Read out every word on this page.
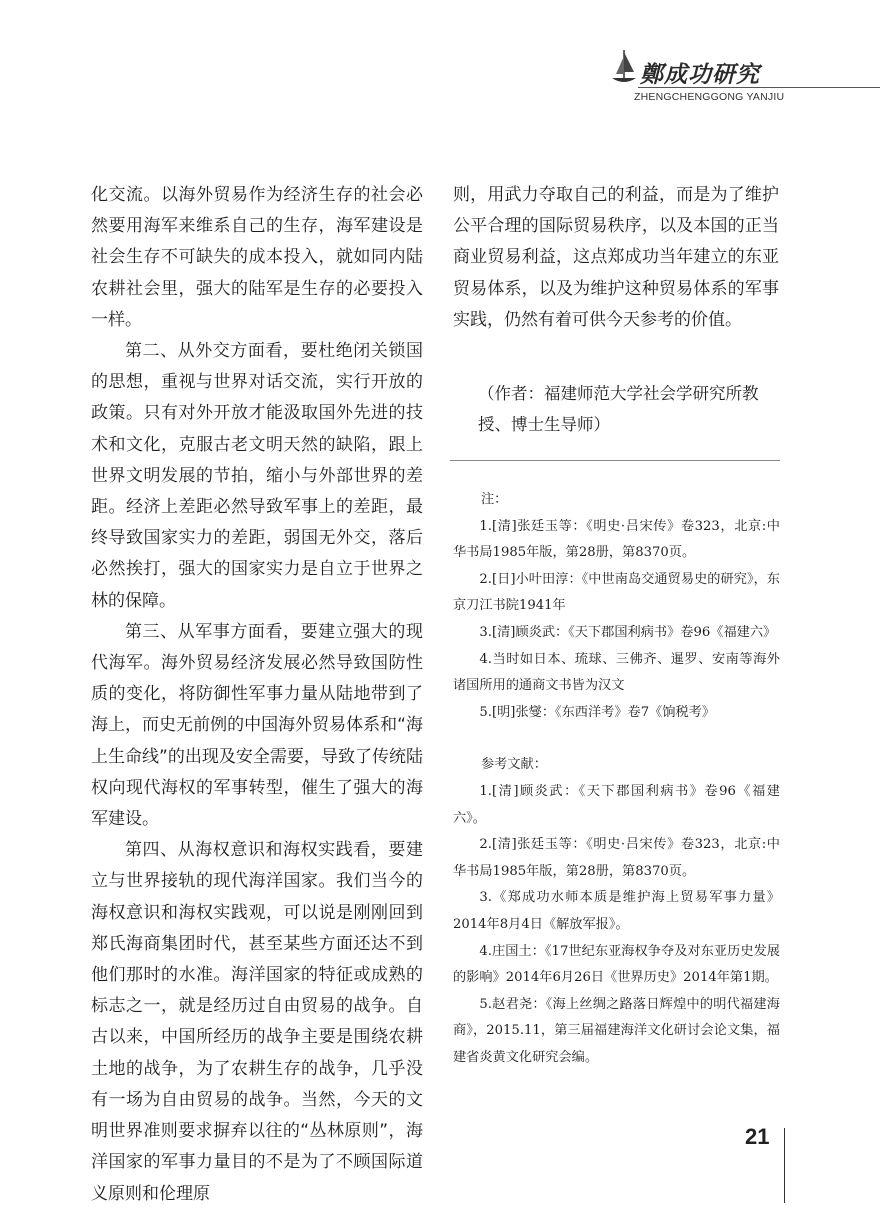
鄭成功研究
ZHENGCHENGGONG YANJIU

化交流。以海外贸易作为经济生存的社会必然要用海军来维系自己的生存，海军建设是社会生存不可缺失的成本投入，就如同内陆农耕社会里，强大的陆军是生存的必要投入一样。

第二、从外交方面看，要杜绝闭关锁国的思想，重视与世界对话交流，实行开放的政策。只有对外开放才能汲取国外先进的技术和文化，克服古老文明天然的缺陷，跟上世界文明发展的节拍，缩小与外部世界的差距。经济上差距必然导致军事上的差距，最终导致国家实力的差距，弱国无外交，落后必然挨打，强大的国家实力是自立于世界之林的保障。

第三、从军事方面看，要建立强大的现代海军。海外贸易经济发展必然导致国防性质的变化，将防御性军事力量从陆地带到了海上，而史无前例的中国海外贸易体系和“海上生命线”的出现及安全需要，导致了传统陆权向现代海权的军事转型，催生了强大的海军建设。

第四、从海权意识和海权实践看，要建立与世界接轨的现代海洋国家。我们当今的海权意识和海权实践观，可以说是刚刚回到郑氏海商集团时代，甚至某些方面还达不到他们那时的水准。海洋国家的特征或成熟的标志之一，就是经历过自由贸易的战争。自古以来，中国所经历的战争主要是围绕农耕土地的战争，为了农耕生存的战争，几乎没有一场为自由贸易的战争。当然，今天的文明世界准则要求摒弃以往的“丛林原则”，海洋国家的军事力量目的不是为了不顾国际道义原则和伦理原

则，用武力夺取自己的利益，而是为了维护公平合理的国际贸易秩序，以及本国的正当商业贸易利益，这点郑成功当年建立的东亚贸易体系，以及为维护这种贸易体系的军事实践，仍然有着可供今天参考的价值。

（作者：福建师范大学社会学研究所教授、博士生导师）

注：

1.[清]张廷玉等：《明史·吕宋传》卷323，北京:中华书局1985年版，第28册，第8370页。

2.[日]小叶田淳：《中世南岛交通贸易史的研究》，东京刀江书院1941年

3.[清]顾炎武：《天下郡国利病书》卷96《福建六》

4.当时如日本、琉球、三佛齐、暹罗、安南等海外诸国所用的通商文书皆为汉文

5.[明]张燮：《东西洋考》卷7《饷税考》

参考文献：

1.[清]顾炎武：《天下郡国利病书》卷96《福建六》。

2.[清]张廷玉等：《明史·吕宋传》卷323，北京:中华书局1985年版，第28册，第8370页。

3.《郑成功水师本质是维护海上贸易军事力量》2014年8月4日《解放军报》。

4.庄国土：《17世纪东亚海权争夺及对东亚历史发展的影响》2014年6月26日《世界历史》2014年第1期。

5.赵君尧：《海上丝绸之路落日辉煌中的明代福建海商》，2015.11，第三届福建海洋文化研讨会论文集，福建省炎黄文化研究会编。

21
